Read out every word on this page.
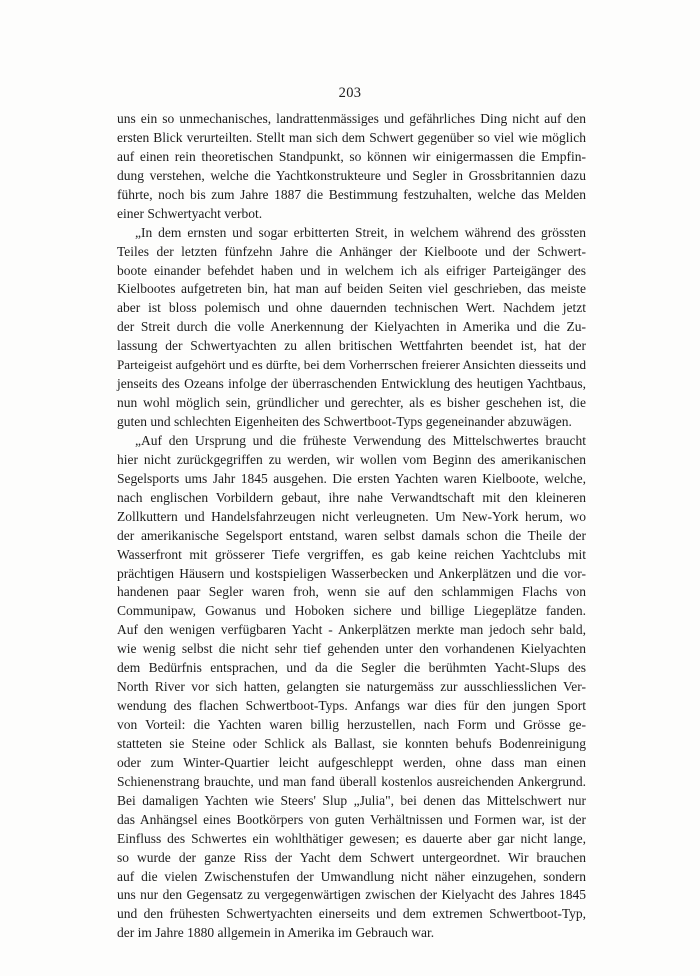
203
uns ein so unmechanisches, landrattenmässiges und gefährliches Ding nicht auf den
ersten Blick verurteilten. Stellt man sich dem Schwert gegenüber so viel wie möglich
auf einen rein theoretischen Standpunkt, so können wir einigermassen die Empfin-
dung verstehen, welche die Yachtkonstrukteure und Segler in Grossbritannien dazu
führte, noch bis zum Jahre 1887 die Bestimmung festzuhalten, welche das Melden
einer Schwertyacht verbot.
„In dem ernsten und sogar erbitterten Streit, in welchem während des grössten
Teiles der letzten fünfzehn Jahre die Anhänger der Kielboote und der Schwert-
boote einander befehdet haben und in welchem ich als eifriger Parteigänger des
Kielbootes aufgetreten bin, hat man auf beiden Seiten viel geschrieben, das meiste
aber ist bloss polemisch und ohne dauernden technischen Wert. Nachdem jetzt
der Streit durch die volle Anerkennung der Kielyachten in Amerika und die Zu-
lassung der Schwertyachten zu allen britischen Wettfahrten beendet ist, hat der
Parteigeist aufgehört und es dürfte, bei dem Vorherrschen freierer Ansichten diesseits und
jenseits des Ozeans infolge der überraschenden Entwicklung des heutigen Yachtbaus,
nun wohl möglich sein, gründlicher und gerechter, als es bisher geschehen ist, die
guten und schlechten Eigenheiten des Schwertboot-Typs gegeneinander abzuwägen.
„Auf den Ursprung und die früheste Verwendung des Mittelschwertes braucht
hier nicht zurückgegriffen zu werden, wir wollen vom Beginn des amerikanischen
Segelsports ums Jahr 1845 ausgehen. Die ersten Yachten waren Kielboote, welche,
nach englischen Vorbildern gebaut, ihre nahe Verwandtschaft mit den kleineren
Zollkuttern und Handelsfahrzeugen nicht verleugneten. Um New-York herum, wo
der amerikanische Segelsport entstand, waren selbst damals schon die Theile der
Wasserfront mit grösserer Tiefe vergriffen, es gab keine reichen Yachtclubs mit
prächtigen Häusern und kostspieligen Wasserbecken und Ankerplätzen und die vor-
handenen paar Segler waren froh, wenn sie auf den schlammigen Flachs von
Communipaw, Gowanus und Hoboken sichere und billige Liegeplätze fanden.
Auf den wenigen verfügbaren Yacht - Ankerplätzen merkte man jedoch sehr bald,
wie wenig selbst die nicht sehr tief gehenden unter den vorhandenen Kielyachten
dem Bedürfnis entsprachen, und da die Segler die berühmten Yacht-Slups des
North River vor sich hatten, gelangten sie naturgemäss zur ausschliesslichen Ver-
wendung des flachen Schwertboot-Typs. Anfangs war dies für den jungen Sport
von Vorteil: die Yachten waren billig herzustellen, nach Form und Grösse ge-
statteten sie Steine oder Schlick als Ballast, sie konnten behufs Bodenreinigung
oder zum Winter-Quartier leicht aufgeschleppt werden, ohne dass man einen
Schienenstrang brauchte, und man fand überall kostenlos ausreichenden Ankergrund.
Bei damaligen Yachten wie Steers' Slup „Julia", bei denen das Mittelschwert nur
das Anhängsel eines Bootkörpers von guten Verhältnissen und Formen war, ist der
Einfluss des Schwertes ein wohlthätiger gewesen; es dauerte aber gar nicht lange,
so wurde der ganze Riss der Yacht dem Schwert untergeordnet. Wir brauchen
auf die vielen Zwischenstufen der Umwandlung nicht näher einzugehen, sondern
uns nur den Gegensatz zu vergegenwärtigen zwischen der Kielyacht des Jahres 1845
und den frühesten Schwertyachten einerseits und dem extremen Schwertboot-Typ,
der im Jahre 1880 allgemein in Amerika im Gebrauch war.
